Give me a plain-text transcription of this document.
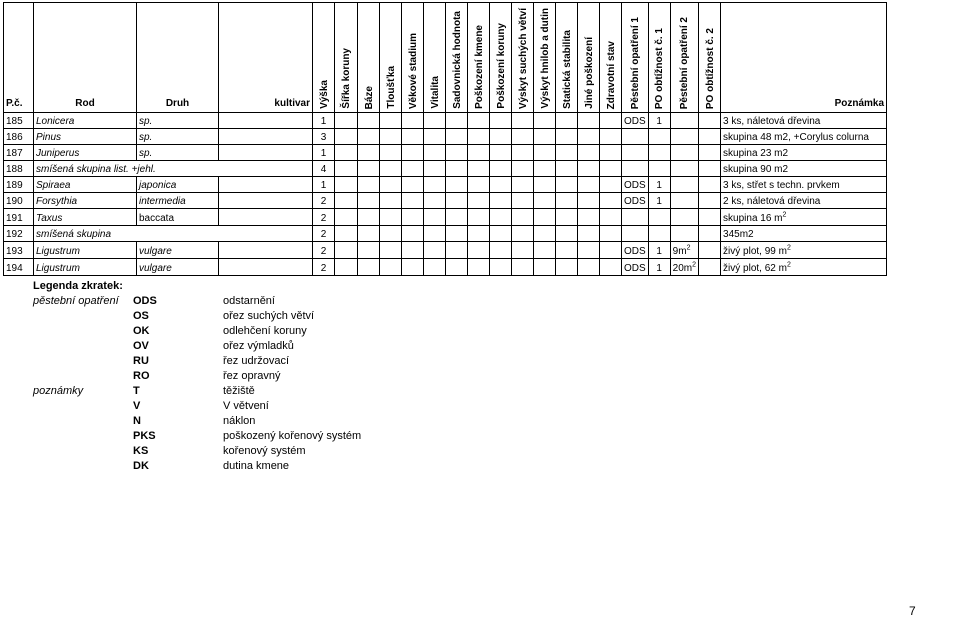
P.č.	Rod	Druh	kultivar	Výška	Šířka koruny	Báze	Tloušťka	Věkové stadium	Vitalita	Sadovnická hodnota	Poškození kmene	Poškození koruny	Výskyt suchých větví	Výskyt hnilob a dutin	Statická stabilita	Jiné poškození	Zdravotní stav	Pěstební opatření 1	PO obtížnost č. 1	Pěstební opatření 2	PO obtížnost č. 2	Poznámka
185	Lonicera	sp.		1														ODS	1			3 ks, náletová dřevina
186	Pinus	sp.		3																		skupina 48 m2, +Corylus colurna
187	Juniperus	sp.		1																		skupina 23 m2
188	smíšená skupina list. +jehl.			4																		skupina 90 m2
189	Spiraea	japonica		1														ODS	1			3 ks, střet s techn. prvkem
190	Forsythia	intermedia		2														ODS	1			2 ks, náletová dřevina
191	Taxus	baccata		2																		skupina 16 $m^2$
192	smíšená skupina			2																		345m2
193	Ligustrum	vulgare		2														ODS	1	$9m^2$		živý plot, 99 $m^2$
194	Ligustrum	vulgare		2														ODS	1	$20m^2$		živý plot, 62 $m^2$
Legenda zkratek:
pěstební opatření	ODS	odstarnění
OS	ořez suchých větví
OK	odlehčení koruny
OV	ořez výmladků
RU	řez udržovací
RO	řez opravný
poznámky	T	těžiště
V	V větvení
N	náklon
PKS	poškozený kořenový systém
KS	kořenový systém
DK	dutina kmene
7
